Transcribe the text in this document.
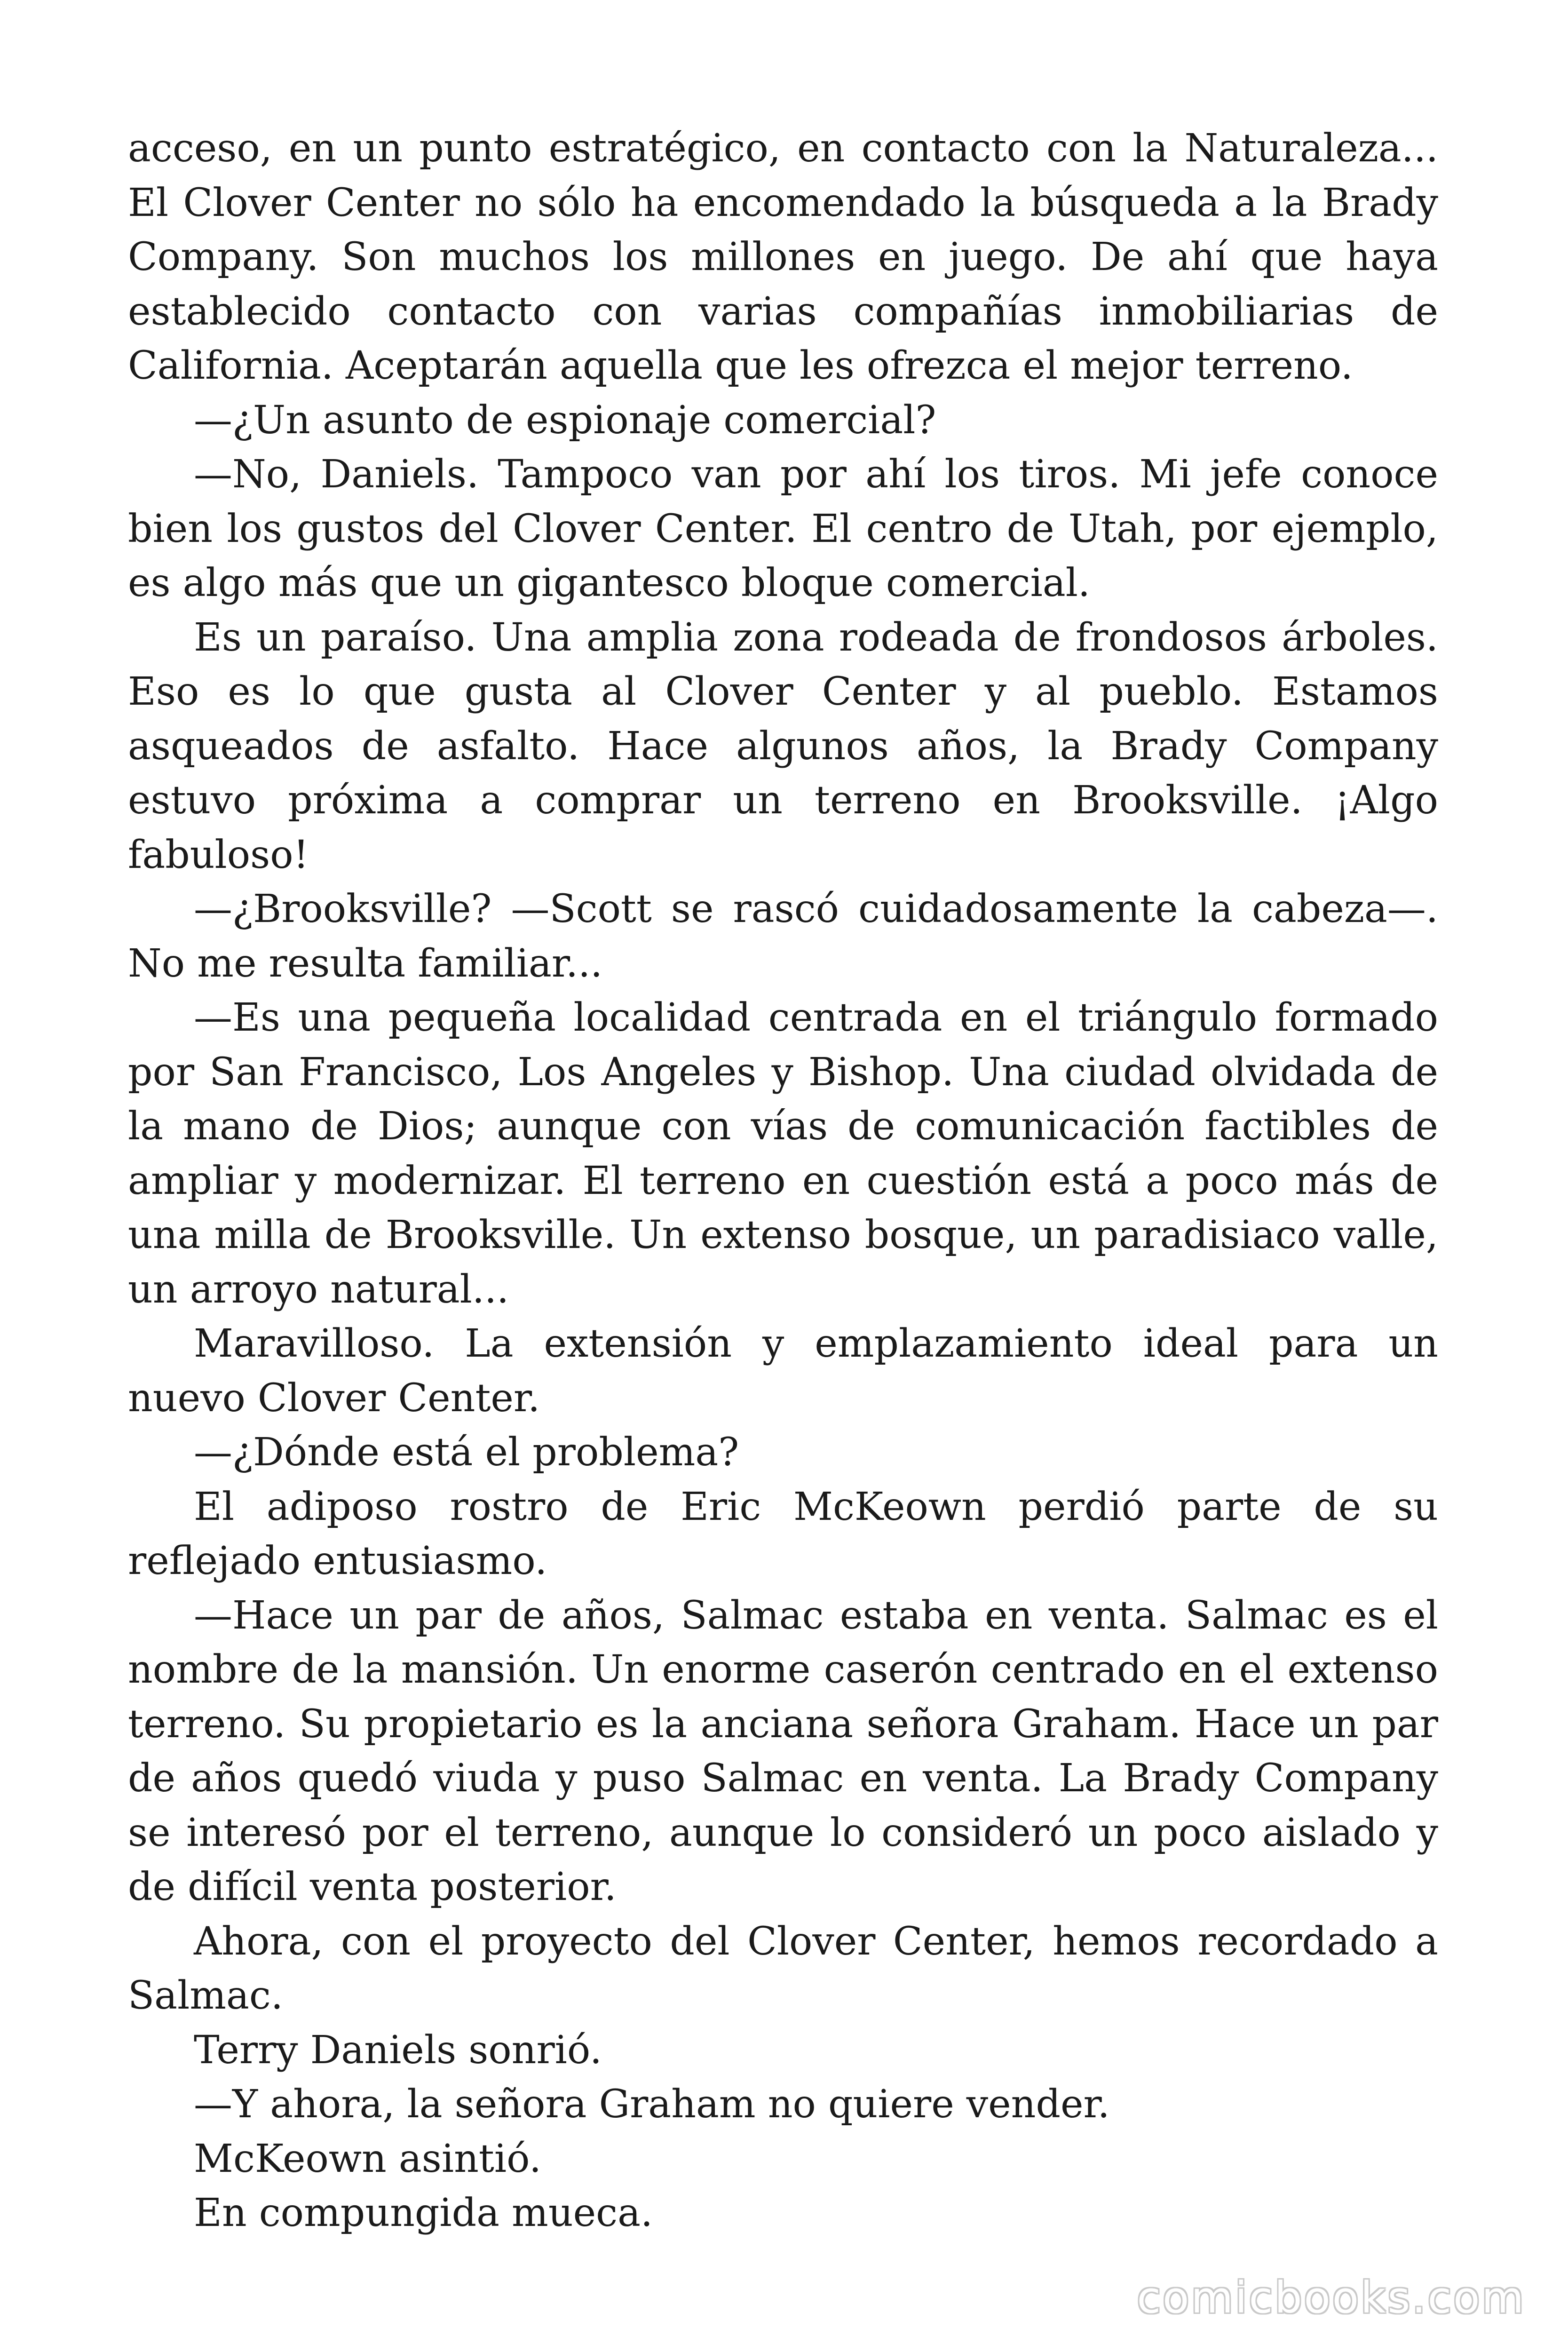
acceso, en un punto estratégico, en contacto con la Naturaleza... El Clover Center no sólo ha encomendado la búsqueda a la Brady Company. Son muchos los millones en juego. De ahí que haya establecido contacto con varias compañías inmobiliarias de California. Aceptarán aquella que les ofrezca el mejor terreno.

—¿Un asunto de espionaje comercial?

—No, Daniels. Tampoco van por ahí los tiros. Mi jefe conoce bien los gustos del Clover Center. El centro de Utah, por ejemplo, es algo más que un gigantesco bloque comercial.

Es un paraíso. Una amplia zona rodeada de frondosos árboles. Eso es lo que gusta al Clover Center y al pueblo. Estamos asqueados de asfalto. Hace algunos años, la Brady Company estuvo próxima a comprar un terreno en Brooksville. ¡Algo fabuloso!

—¿Brooksville? —Scott se rascó cuidadosamente la cabeza—. No me resulta familiar...

—Es una pequeña localidad centrada en el triángulo formado por San Francisco, Los Angeles y Bishop. Una ciudad olvidada de la mano de Dios; aunque con vías de comunicación factibles de ampliar y modernizar. El terreno en cuestión está a poco más de una milla de Brooksville. Un extenso bosque, un paradisiaco valle, un arroyo natural...

Maravilloso. La extensión y emplazamiento ideal para un nuevo Clover Center.

—¿Dónde está el problema?

El adiposo rostro de Eric McKeown perdió parte de su reflejado entusiasmo.

—Hace un par de años, Salmac estaba en venta. Salmac es el nombre de la mansión. Un enorme caserón centrado en el extenso terreno. Su propietario es la anciana señora Graham. Hace un par de años quedó viuda y puso Salmac en venta. La Brady Company se interesó por el terreno, aunque lo consideró un poco aislado y de difícil venta posterior.

Ahora, con el proyecto del Clover Center, hemos recordado a Salmac.

Terry Daniels sonrió.

—Y ahora, la señora Graham no quiere vender.

McKeown asintió.

En compungida mueca.

comicbooks.com
